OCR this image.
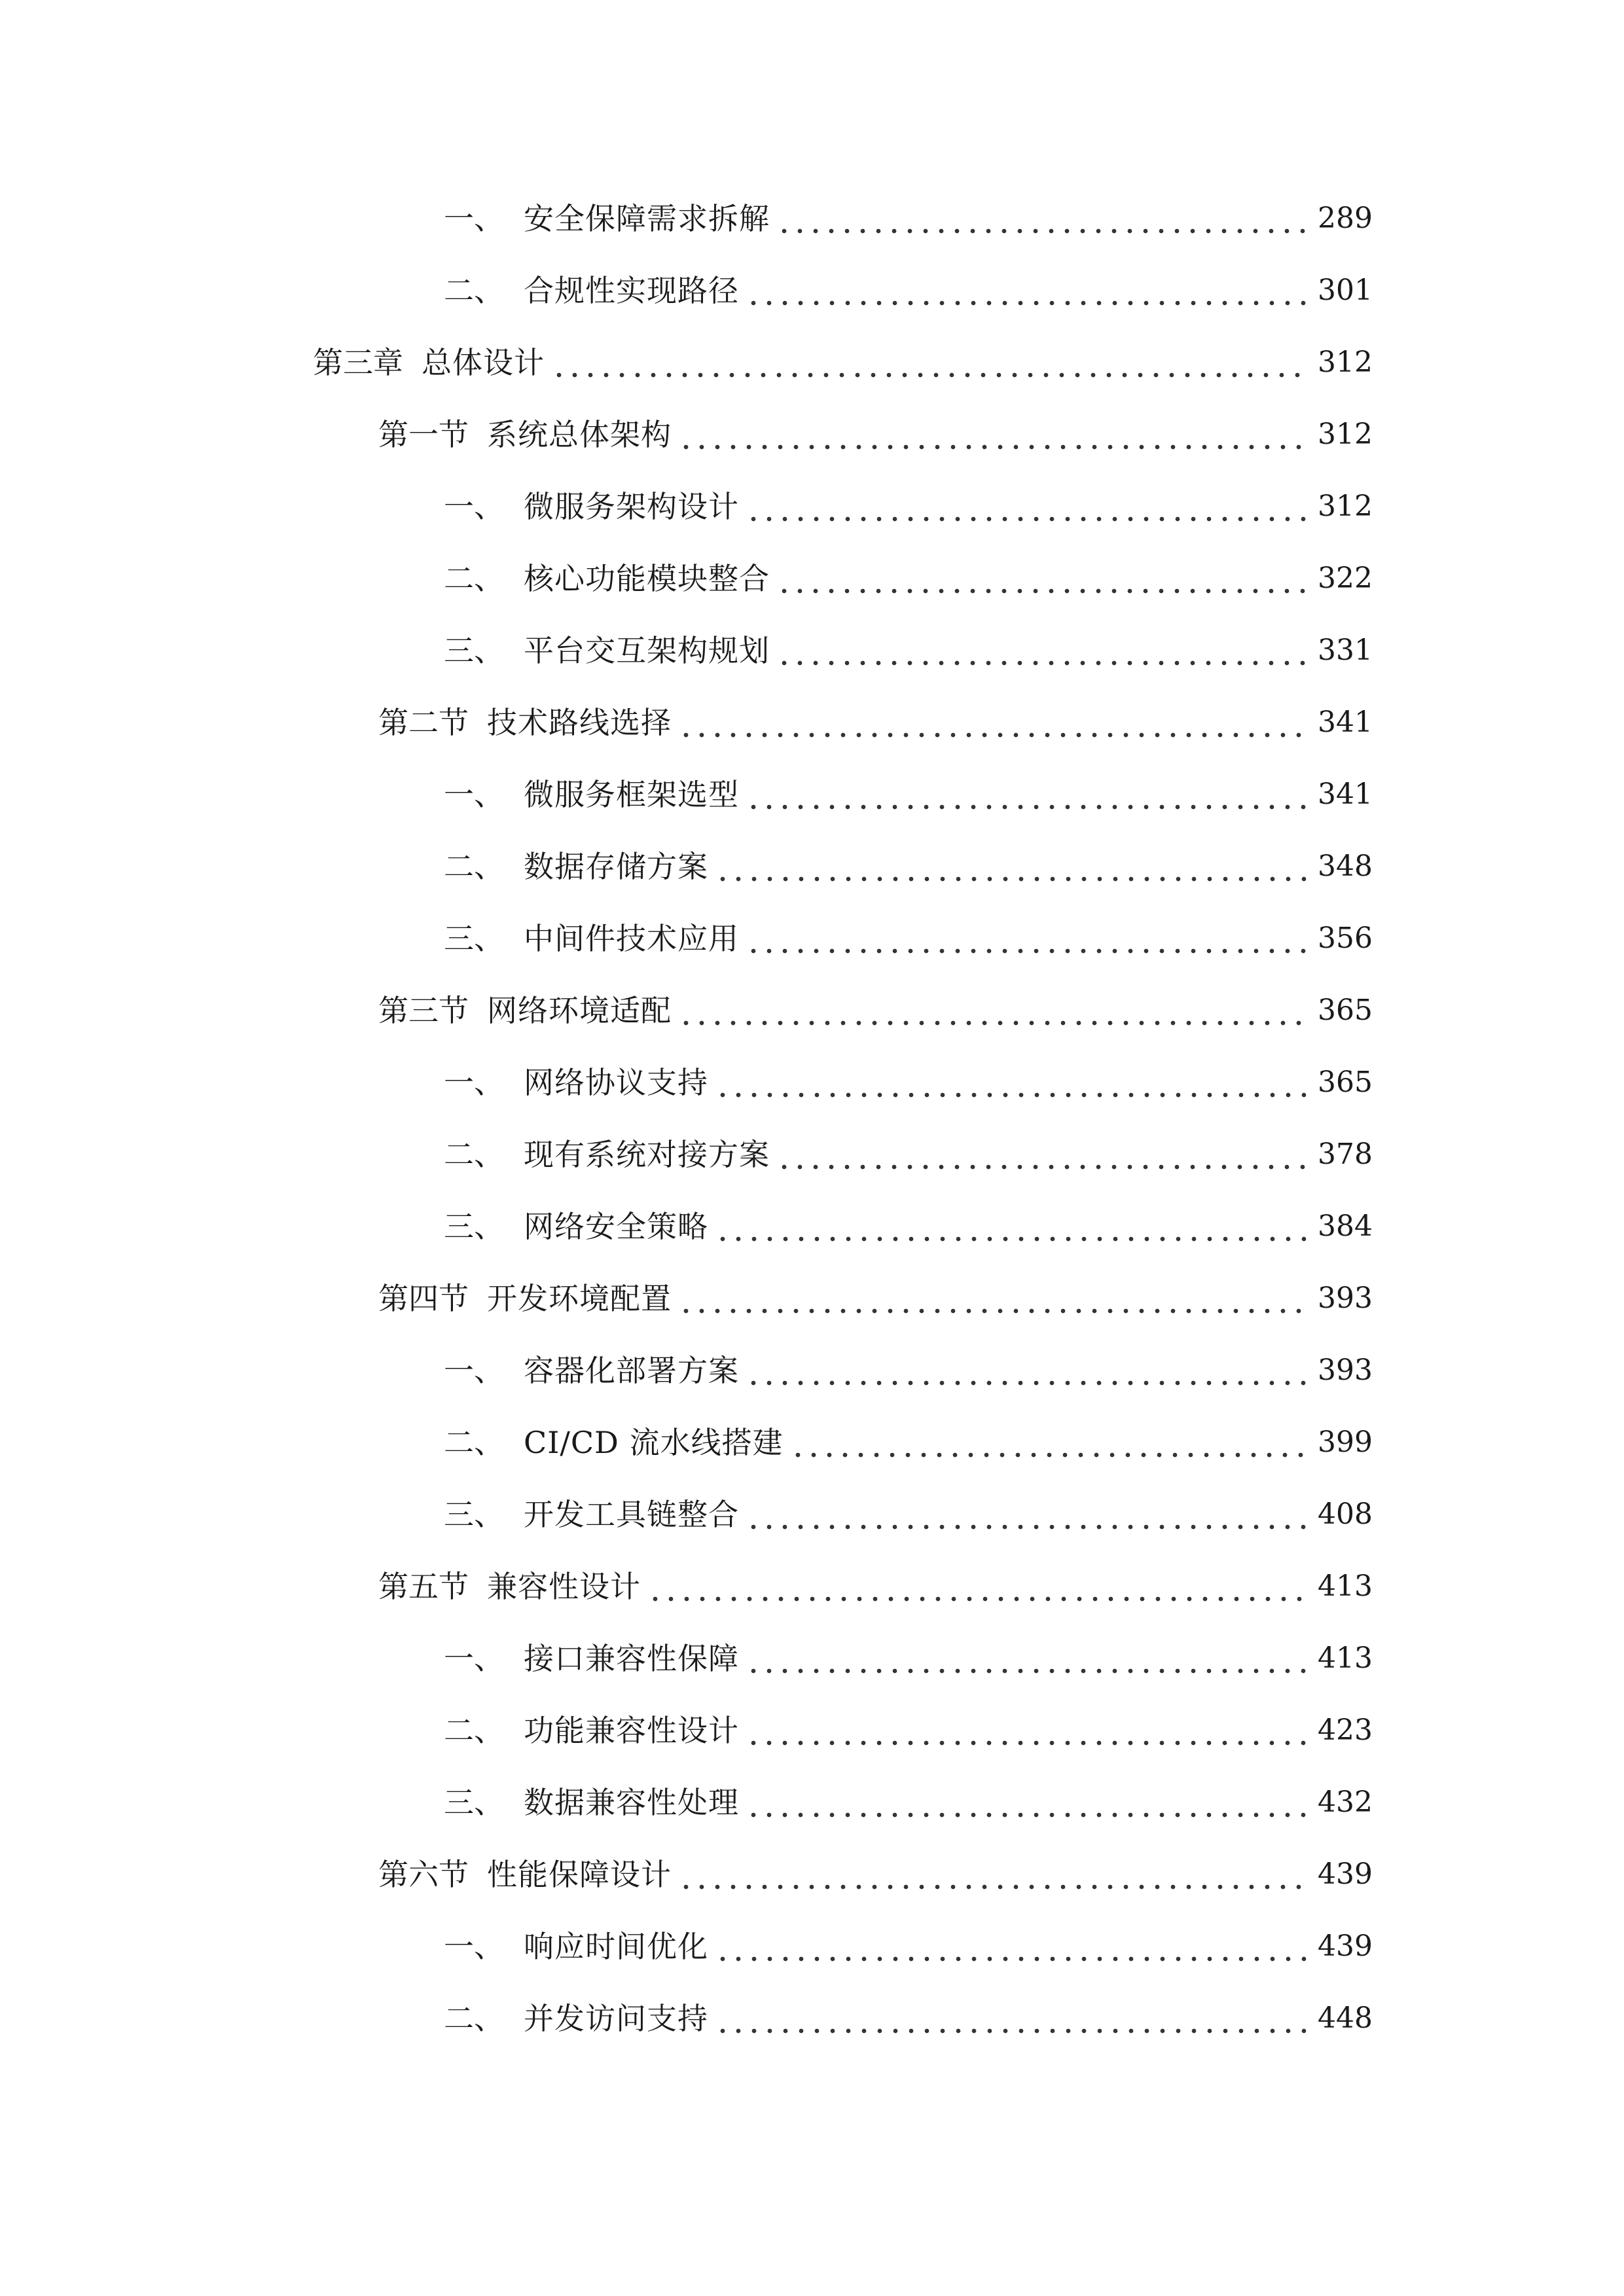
一、 安全保障需求拆解	289
二、 合规性实现路径	301
第三章 总体设计	312
第一节 系统总体架构	312
一、 微服务架构设计	312
二、 核心功能模块整合	322
三、 平台交互架构规划	331
第二节 技术路线选择	341
一、 微服务框架选型	341
二、 数据存储方案	348
三、 中间件技术应用	356
第三节 网络环境适配	365
一、 网络协议支持	365
二、 现有系统对接方案	378
三、 网络安全策略	384
第四节 开发环境配置	393
一、 容器化部署方案	393
二、 CI/CD 流水线搭建	399
三、 开发工具链整合	408
第五节 兼容性设计	413
一、 接口兼容性保障	413
二、 功能兼容性设计	423
三、 数据兼容性处理	432
第六节 性能保障设计	439
一、 响应时间优化	439
二、 并发访问支持	448
